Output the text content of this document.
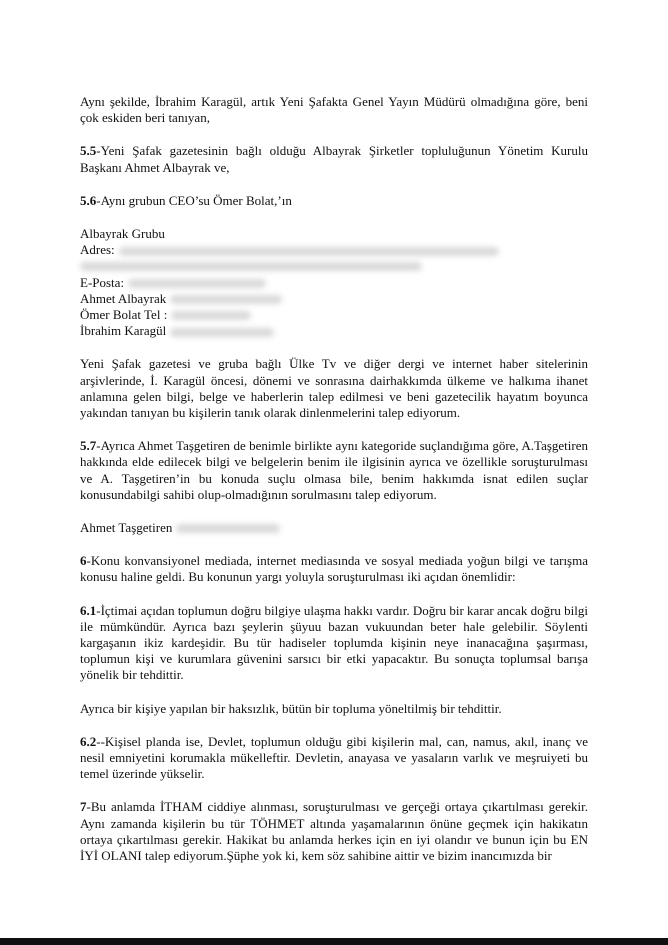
Aynı şekilde, İbrahim Karagül, artık Yeni Şafakta Genel Yayın Müdürü olmadığına göre, beni çok eskiden beri tanıyan,

5.5-Yeni Şafak gazetesinin bağlı olduğu Albayrak Şirketler topluluğunun Yönetim Kurulu Başkanı Ahmet Albayrak ve,

5.6-Aynı grubun CEO’su Ömer Bolat,’ın

Albayrak Grubu
Adres:
E-Posta:
Ahmet Albayrak
Ömer Bolat Tel :
İbrahim Karagül

Yeni Şafak gazetesi ve gruba bağlı Ülke Tv ve diğer dergi ve internet haber sitelerinin arşivlerinde, İ. Karagül öncesi, dönemi ve sonrasına dairhakkımda ülkeme ve halkıma ihanet anlamına gelen bilgi, belge ve haberlerin talep edilmesi ve beni gazetecilik hayatım boyunca yakından tanıyan bu kişilerin tanık olarak dinlenmelerini talep ediyorum.

5.7-Ayrıca Ahmet Taşgetiren de benimle birlikte aynı kategoride suçlandığıma göre, A.Taşgetiren hakkında elde edilecek bilgi ve belgelerin benim ile ilgisinin ayrıca ve özellikle soruşturulması ve A. Taşgetiren’in bu konuda suçlu olmasa bile, benim hakkımda isnat edilen suçlar konusundabilgi sahibi olup-olmadığının sorulmasını talep ediyorum.

Ahmet Taşgetiren

6-Konu konvansiyonel mediada, internet mediasında ve sosyal mediada yoğun bilgi ve tarışma konusu haline geldi. Bu konunun yargı yoluyla soruşturulması iki açıdan önemlidir:

6.1-İçtimai açıdan toplumun doğru bilgiye ulaşma hakkı vardır. Doğru bir karar ancak doğru bilgi ile mümkündür. Ayrıca bazı şeylerin şüyuu bazan vukuundan beter hale gelebilir. Söylenti kargaşanın ikiz kardeşidir. Bu tür hadiseler toplumda kişinin neye inanacağına şaşırması, toplumun kişi ve kurumlara güvenini sarsıcı bir etki yapacaktır. Bu sonuçta toplumsal barışa yönelik bir tehdittir.

Ayrıca bir kişiye yapılan bir haksızlık, bütün bir topluma yöneltilmiş bir tehdittir.

6.2--Kişisel planda ise, Devlet, toplumun olduğu gibi kişilerin mal, can, namus, akıl, inanç ve nesil emniyetini korumakla mükelleftir. Devletin, anayasa ve yasaların varlık ve meşruiyeti bu temel üzerinde yükselir.

7-Bu anlamda İTHAM ciddiye alınması, soruşturulması ve gerçeği ortaya çıkartılması gerekir. Aynı zamanda kişilerin bu tür TÖHMET altında yaşamalarının önüne geçmek için hakikatın ortaya çıkartılması gerekir. Hakikat bu anlamda herkes için en iyi olandır ve bunun için bu EN İYİ OLANI talep ediyorum.Şüphe yok ki, kem söz sahibine aittir ve bizim inancımızda bir
